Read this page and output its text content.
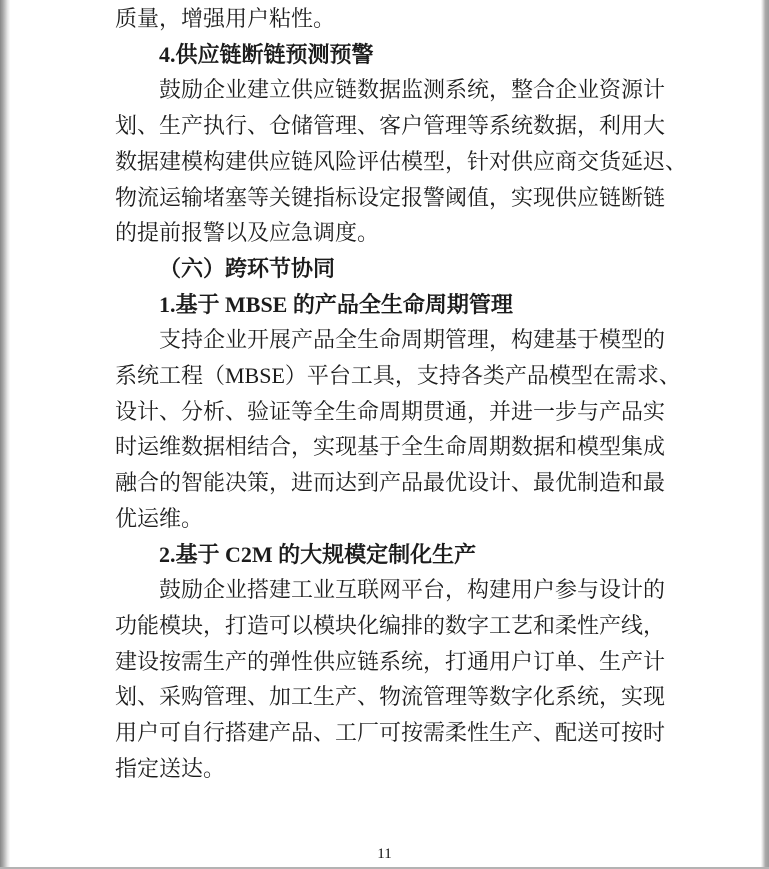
质量，增强用户粘性。
4.供应链断链预测预警
鼓励企业建立供应链数据监测系统，整合企业资源计
划、生产执行、仓储管理、客户管理等系统数据，利用大
数据建模构建供应链风险评估模型，针对供应商交货延迟、
物流运输堵塞等关键指标设定报警阈值，实现供应链断链
的提前报警以及应急调度。
（六）跨环节协同
1.基于 MBSE 的产品全生命周期管理
支持企业开展产品全生命周期管理，构建基于模型的
系统工程（MBSE）平台工具，支持各类产品模型在需求、
设计、分析、验证等全生命周期贯通，并进一步与产品实
时运维数据相结合，实现基于全生命周期数据和模型集成
融合的智能决策，进而达到产品最优设计、最优制造和最
优运维。
2.基于 C2M 的大规模定制化生产
鼓励企业搭建工业互联网平台，构建用户参与设计的
功能模块，打造可以模块化编排的数字工艺和柔性产线，
建设按需生产的弹性供应链系统，打通用户订单、生产计
划、采购管理、加工生产、物流管理等数字化系统，实现
用户可自行搭建产品、工厂可按需柔性生产、配送可按时
指定送达。
11
